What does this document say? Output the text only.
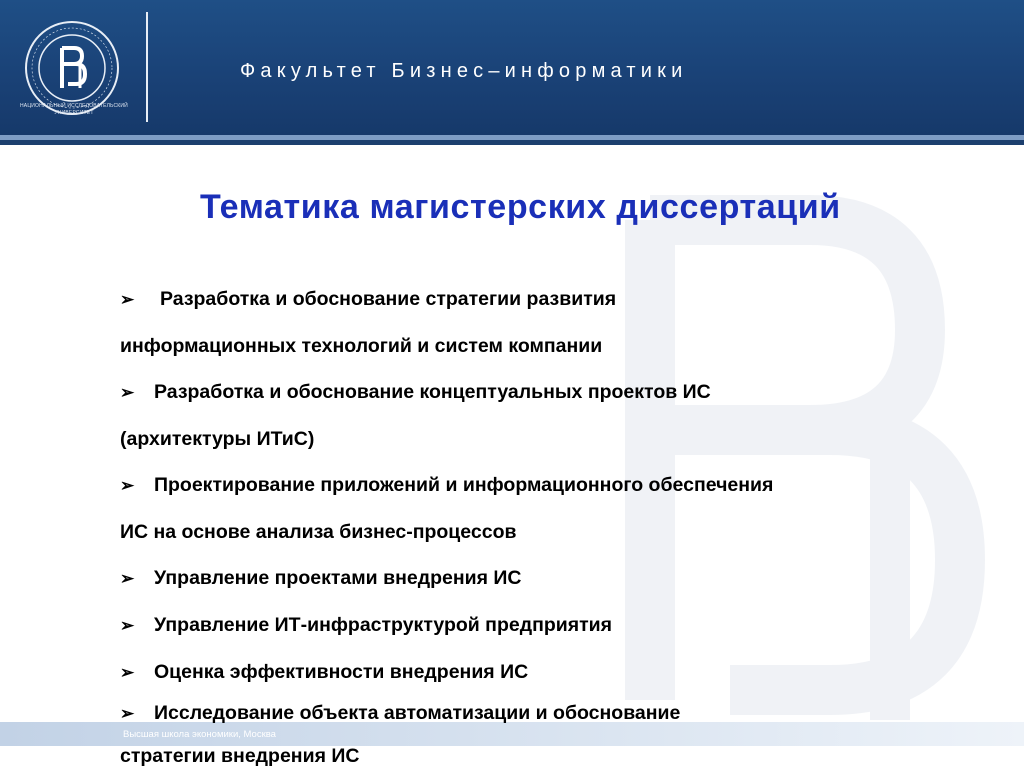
НАЦИОНАЛЬНЫЙ ИССЛЕДОВАТЕЛЬСКИЙ
УНИВЕРСИТЕТ
Факультет Бизнес–информатики
Тематика магистерских диссертаций
➢ Разработка и обоснование стратегии развития
информационных технологий и систем компании
➢ Разработка и обоснование концептуальных проектов ИС
(архитектуры ИТиС)
➢ Проектирование приложений и информационного обеспечения
ИС на основе анализа бизнес-процессов
➢ Управление проектами внедрения ИС
➢ Управление ИТ-инфраструктурой предприятия
➢ Оценка эффективности внедрения ИС
Высшая школа экономики, Москва
➢ Исследование объекта автоматизации и обоснование
стратегии внедрения ИС
